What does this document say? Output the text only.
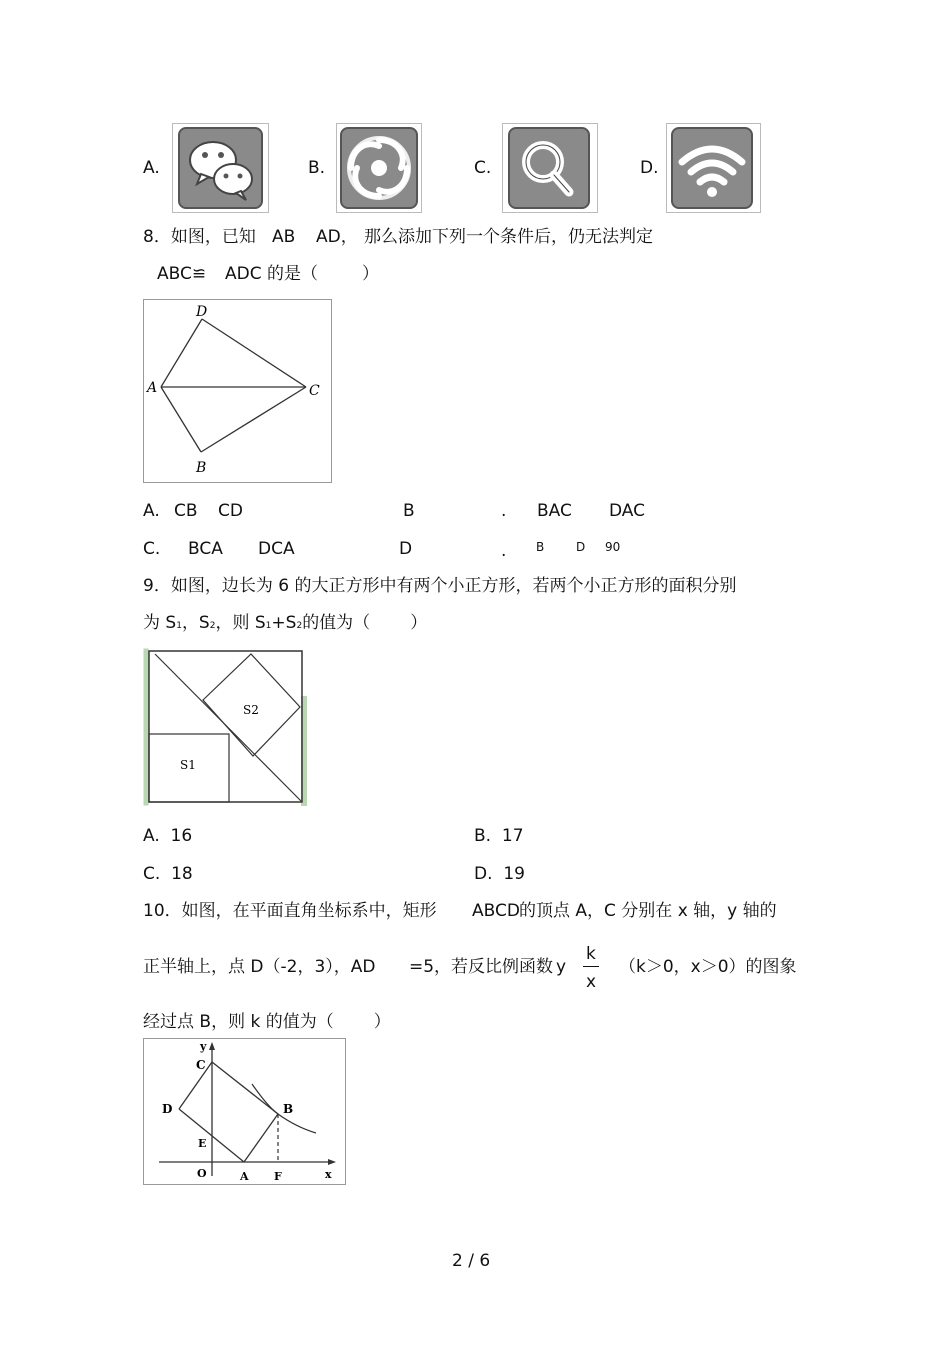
A.	B.	C.	D.
8．如图，已知 AB AD， 那么添加下列一个条件后，仍无法判定
ABC≌ ADC 的是（	）
D
A	C
B
A. CB CD	B	. BAC DAC
C. BCA DCA	D	. B	D 90
9．如图，边长为 6 的大正方形中有两个小正方形，若两个小正方形的面积分别
为 S1，S2，则 S1+S2的值为（ ）
S2
S1
A. 16	B. 17
C. 18	D. 19
10．如图，在平面直角坐标系中，矩形 ABCD 的顶点 A，C 分别在 x 轴，y 轴的
正半轴上，点 D（-2，3），AD =5，若反比例函数 y
k
x
（k＞0，x＞0）的图象
经过点 B，则 k 的值为（ ）
y
C
D	B
E
O	A F	x
2 / 6
